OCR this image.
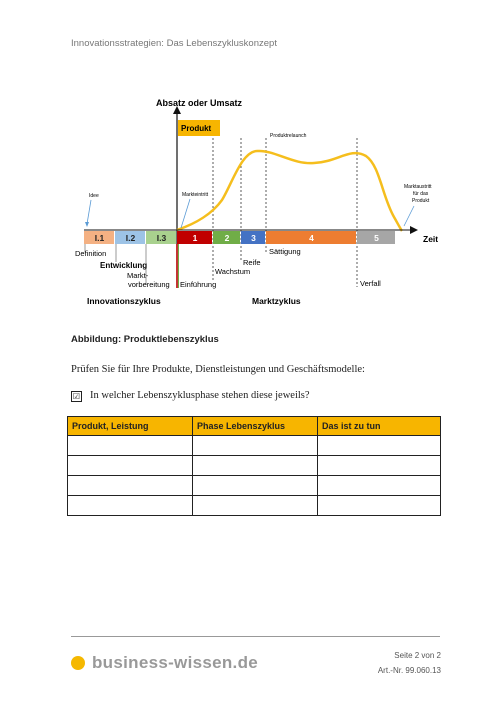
Innovationsstrategien: Das Lebenszykluskonzept
Absatz oder Umsatz
Produkt
Produktrelaunch
Idee	Markteintritt
Marktaustritt
für das
Produkt
Zeit
I.1	I.2	I.3	1	2	3	4	5
Definition
Entwicklung
Markt-
vorbereitung Einführung
Wachstum
Reife
Sättigung
Verfall
Innovationszyklus	Marktzyklus
Abbildung: Produktlebenszyklus
Prüfen Sie für Ihre Produkte, Dienstleistungen und Geschäftsmodelle:
☑ In welcher Lebenszyklusphase stehen diese jeweils?
Produkt, Leistung	Phase Lebenszyklus	Das ist zu tun

business-wissen.de	Seite 2 von 2
Art.-Nr. 99.060.13
